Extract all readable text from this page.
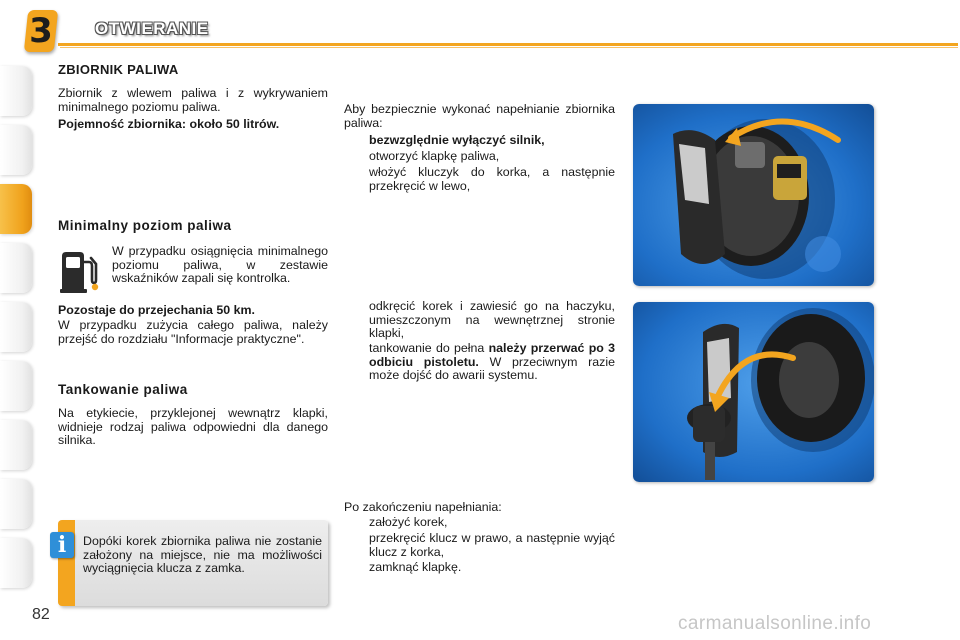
3 OTWIERANIE
ZBIORNIK PALIWA
Zbiornik z wlewem paliwa i z wykrywaniem minimalnego poziomu paliwa.
Pojemność zbiornika: około 50 litrów.
Minimalny poziom paliwa
W przypadku osiągnięcia minimalnego poziomu paliwa, w zestawie wskaźników zapali się kontrolka.
Pozostaje do przejechania 50 km.
W przypadku zużycia całego paliwa, należy przejść do rozdziału "Informacje praktyczne".
Tankowanie paliwa
Na etykiecie, przyklejonej wewnątrz klapki, widnieje rodzaj paliwa odpowiedni dla danego silnika.
i	Dopóki korek zbiornika paliwa nie zostanie założony na miejsce, nie ma możliwości wyciągnięcia klucza z zamka.
Aby bezpiecznie wykonać napełnianie zbiornika paliwa:
bezwzględnie wyłączyć silnik,
otworzyć klapkę paliwa,
włożyć kluczyk do korka, a następnie przekręcić w lewo,
odkręcić korek i zawiesić go na haczyku, umieszczonym na wewnętrznej stronie klapki,
tankowanie do pełna należy przerwać po 3 odbiciu pistoletu. W przeciwnym razie może dojść do awarii systemu.
Po zakończeniu napełniania:
założyć korek,
przekręcić klucz w prawo, a następnie wyjąć klucz z korka,
zamknąć klapkę.
82	carmanualsonline.info
